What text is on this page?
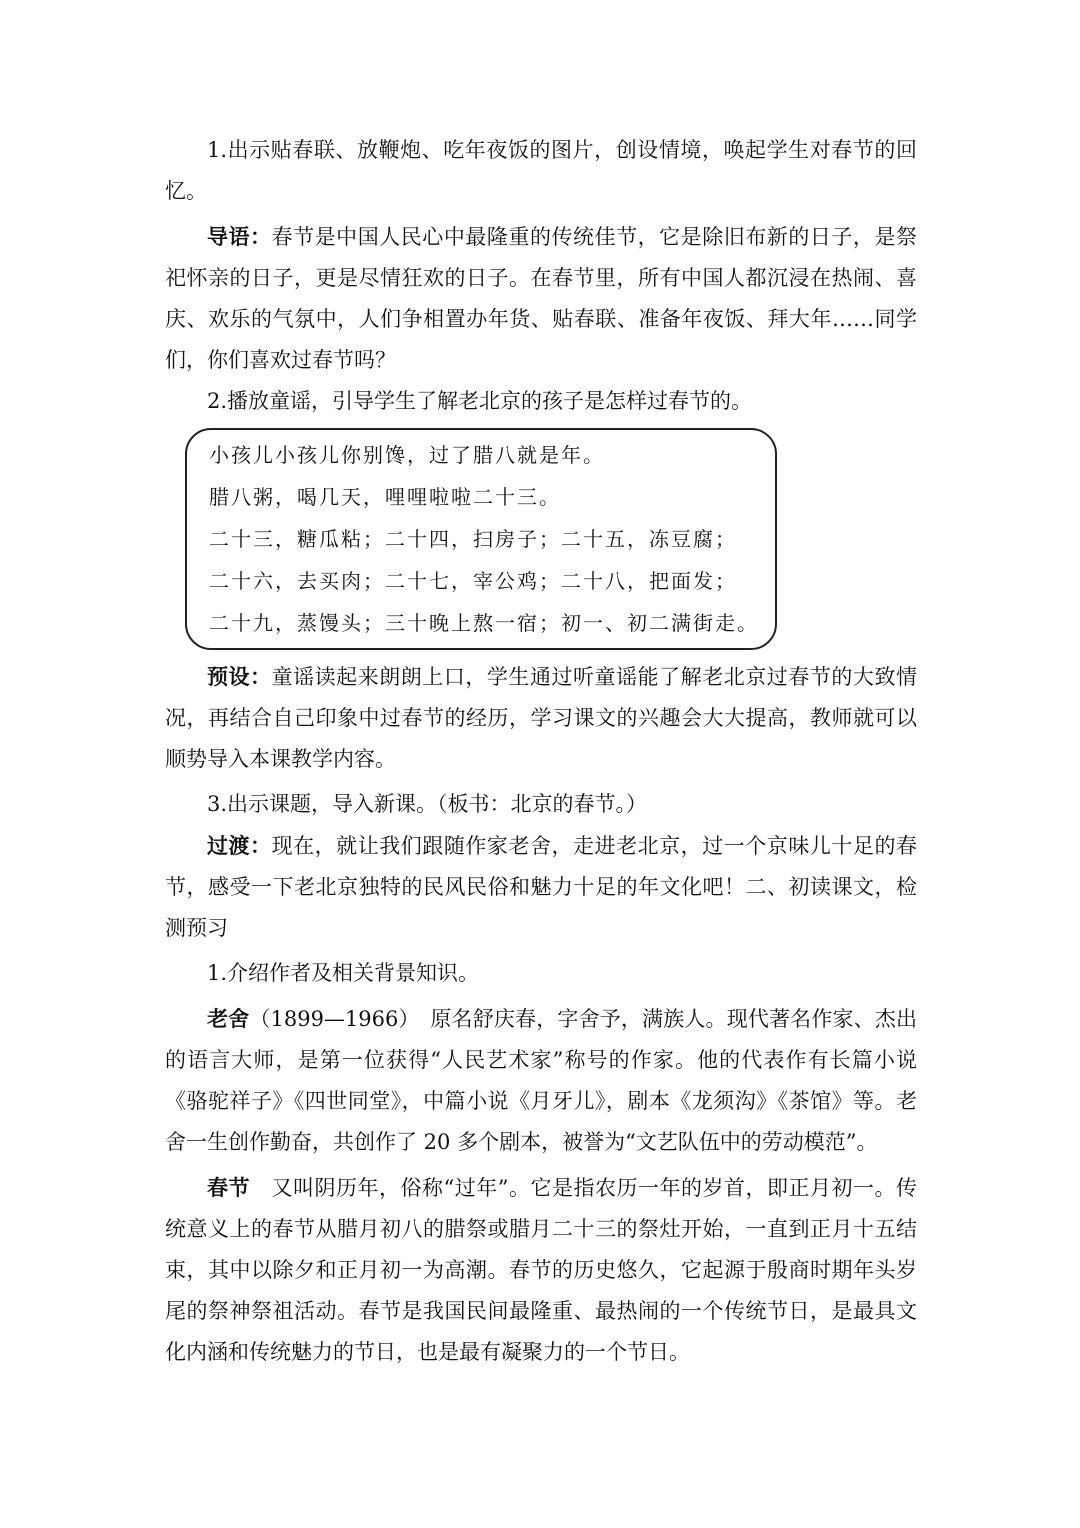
1.出示贴春联、放鞭炮、吃年夜饭的图片，创设情境，唤起学生对春节的回忆。

导语：春节是中国人民心中最隆重的传统佳节，它是除旧布新的日子，是祭祀怀亲的日子，更是尽情狂欢的日子。在春节里，所有中国人都沉浸在热闹、喜庆、欢乐的气氛中，人们争相置办年货、贴春联、准备年夜饭、拜大年……同学们，你们喜欢过春节吗？

2.播放童谣，引导学生了解老北京的孩子是怎样过春节的。

小孩儿小孩儿你别馋，过了腊八就是年。
腊八粥，喝几天，哩哩啦啦二十三。
二十三，糖瓜粘；二十四，扫房子；二十五，冻豆腐；
二十六，去买肉；二十七，宰公鸡；二十八，把面发；
二十九，蒸馒头；三十晚上熬一宿；初一、初二满街走。

预设：童谣读起来朗朗上口，学生通过听童谣能了解老北京过春节的大致情况，再结合自己印象中过春节的经历，学习课文的兴趣会大大提高，教师就可以顺势导入本课教学内容。

3.出示课题，导入新课。（板书：北京的春节。）

过渡：现在，就让我们跟随作家老舍，走进老北京，过一个京味儿十足的春节，感受一下老北京独特的民风民俗和魅力十足的年文化吧！二、初读课文，检测预习

1.介绍作者及相关背景知识。

老舍（1899—1966）　原名舒庆春，字舍予，满族人。现代著名作家、杰出的语言大师，是第一位获得“人民艺术家”称号的作家。他的代表作有长篇小说《骆驼祥子》《四世同堂》，中篇小说《月牙儿》，剧本《龙须沟》《茶馆》等。老舍一生创作勤奋，共创作了 20 多个剧本，被誉为“文艺队伍中的劳动模范”。

春节　又叫阴历年，俗称“过年”。它是指农历一年的岁首，即正月初一。传统意义上的春节从腊月初八的腊祭或腊月二十三的祭灶开始，一直到正月十五结束，其中以除夕和正月初一为高潮。春节的历史悠久，它起源于殷商时期年头岁尾的祭神祭祖活动。春节是我国民间最隆重、最热闹的一个传统节日，是最具文化内涵和传统魅力的节日，也是最有凝聚力的一个节日。
